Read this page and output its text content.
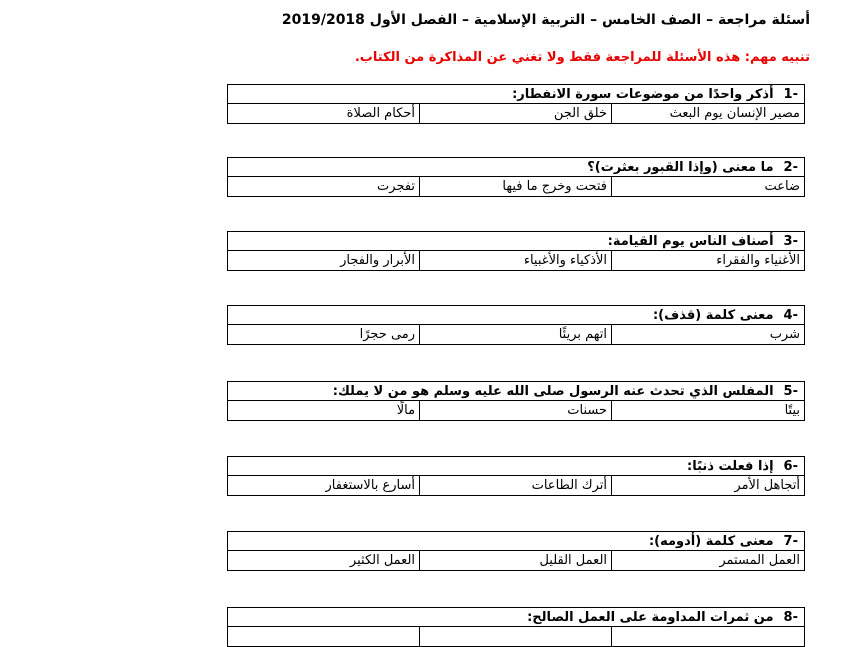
أسئلة مراجعة – الصف الخامس – التربية الإسلامية – الفصل الأول 2019/2018
تنبيه مهم: هذه الأسئلة للمراجعة فقط ولا تغني عن المذاكرة من الكتاب.
1-
أذكر واحدًا من موضوعات سورة الانفطار:
مصير الإنسان يوم البعث
خلق الجن
أحكام الصلاة
2-
ما معنى (وإذا القبور بعثرت)؟
ضاعت
فتحت وخرج ما فيها
تفجرت
3-
أصناف الناس يوم القيامة:
الأغنياء والفقراء
الأذكياء والأغبياء
الأبرار والفجار
4-
معنى كلمة (قذف):
شرب
اتهم بريئًا
رمى حجرًا
5-
المفلس الذي تحدث عنه الرسول صلى الله عليه وسلم هو من لا يملك:
بيتًا
حسنات
مالًا
6-
إذا فعلت ذنبًا:
أتجاهل الأمر
أترك الطاعات
أسارع بالاستغفار
7-
معنى كلمة (أدومه):
العمل المستمر
العمل القليل
العمل الكثير
8-
من ثمرات المداومة على العمل الصالح:
